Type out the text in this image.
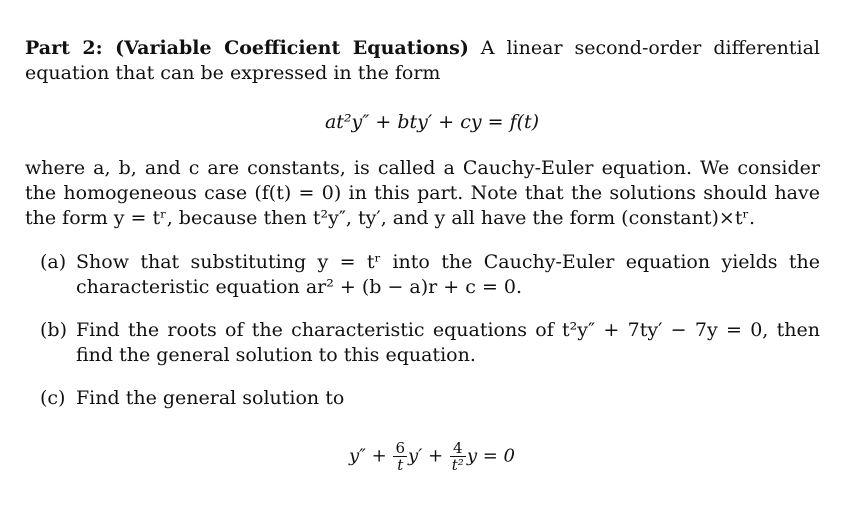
Part 2: (Variable Coefficient Equations) A linear second-order differential equation that can be expressed in the form
at²y″ + bty′ + cy = f(t)
where a, b, and c are constants, is called a Cauchy-Euler equation. We consider the homogeneous case (f(t) = 0) in this part. Note that the solutions should have the form y = tʳ, because then t²y″, ty′, and y all have the form (constant)×tʳ.
(a) Show that substituting y = tʳ into the Cauchy-Euler equation yields the characteristic equation ar² + (b − a)r + c = 0.
(b) Find the roots of the characteristic equations of t²y″ + 7ty′ − 7y = 0, then find the general solution to this equation.
(c) Find the general solution to
$y'' + \frac{6}{t} y' + \frac{4}{\text{t²}}$ y = 0
